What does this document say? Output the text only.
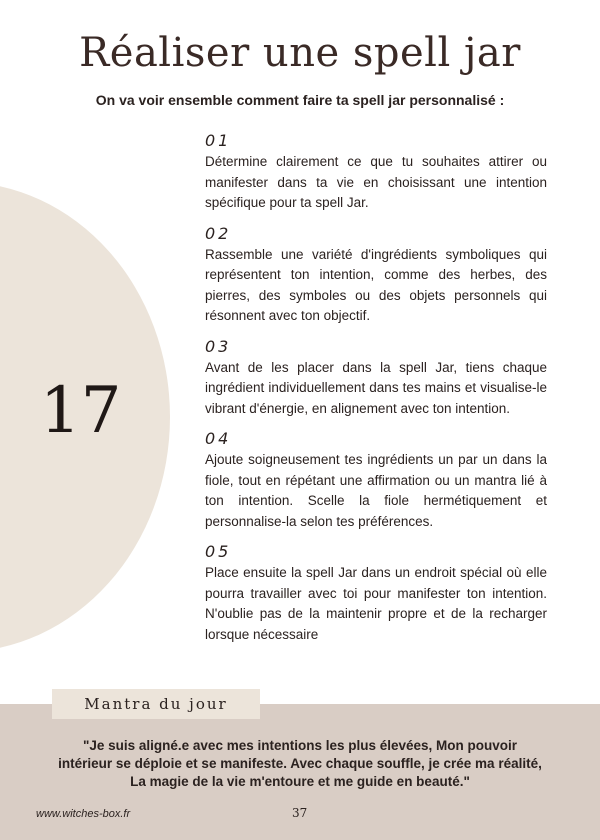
Réaliser une spell jar

On va voir ensemble comment faire ta spell jar personnalisé :

17
01
Détermine clairement ce que tu souhaites attirer ou manifester dans ta vie en choisissant une intention spécifique pour ta spell Jar.
02
Rassemble une variété d'ingrédients symboliques qui représentent ton intention, comme des herbes, des pierres, des symboles ou des objets personnels qui résonnent avec ton objectif.
03
Avant de les placer dans la spell Jar, tiens chaque ingrédient individuellement dans tes mains et visualise-le vibrant d'énergie, en alignement avec ton intention.
04
Ajoute soigneusement tes ingrédients un par un dans la fiole, tout en répétant une affirmation ou un mantra lié à ton intention. Scelle la fiole hermétiquement et personnalise-la selon tes préférences.
05
Place ensuite la spell Jar dans un endroit spécial où elle pourra travailler avec toi pour manifester ton intention. N'oublie pas de la maintenir propre et de la recharger lorsque nécessaire
Mantra du jour
"Je suis aligné.e avec mes intentions les plus élevées, Mon pouvoir intérieur se déploie et se manifeste. Avec chaque souffle, je crée ma réalité, La magie de la vie m'entoure et me guide en beauté."
www.witches-box.fr	37
